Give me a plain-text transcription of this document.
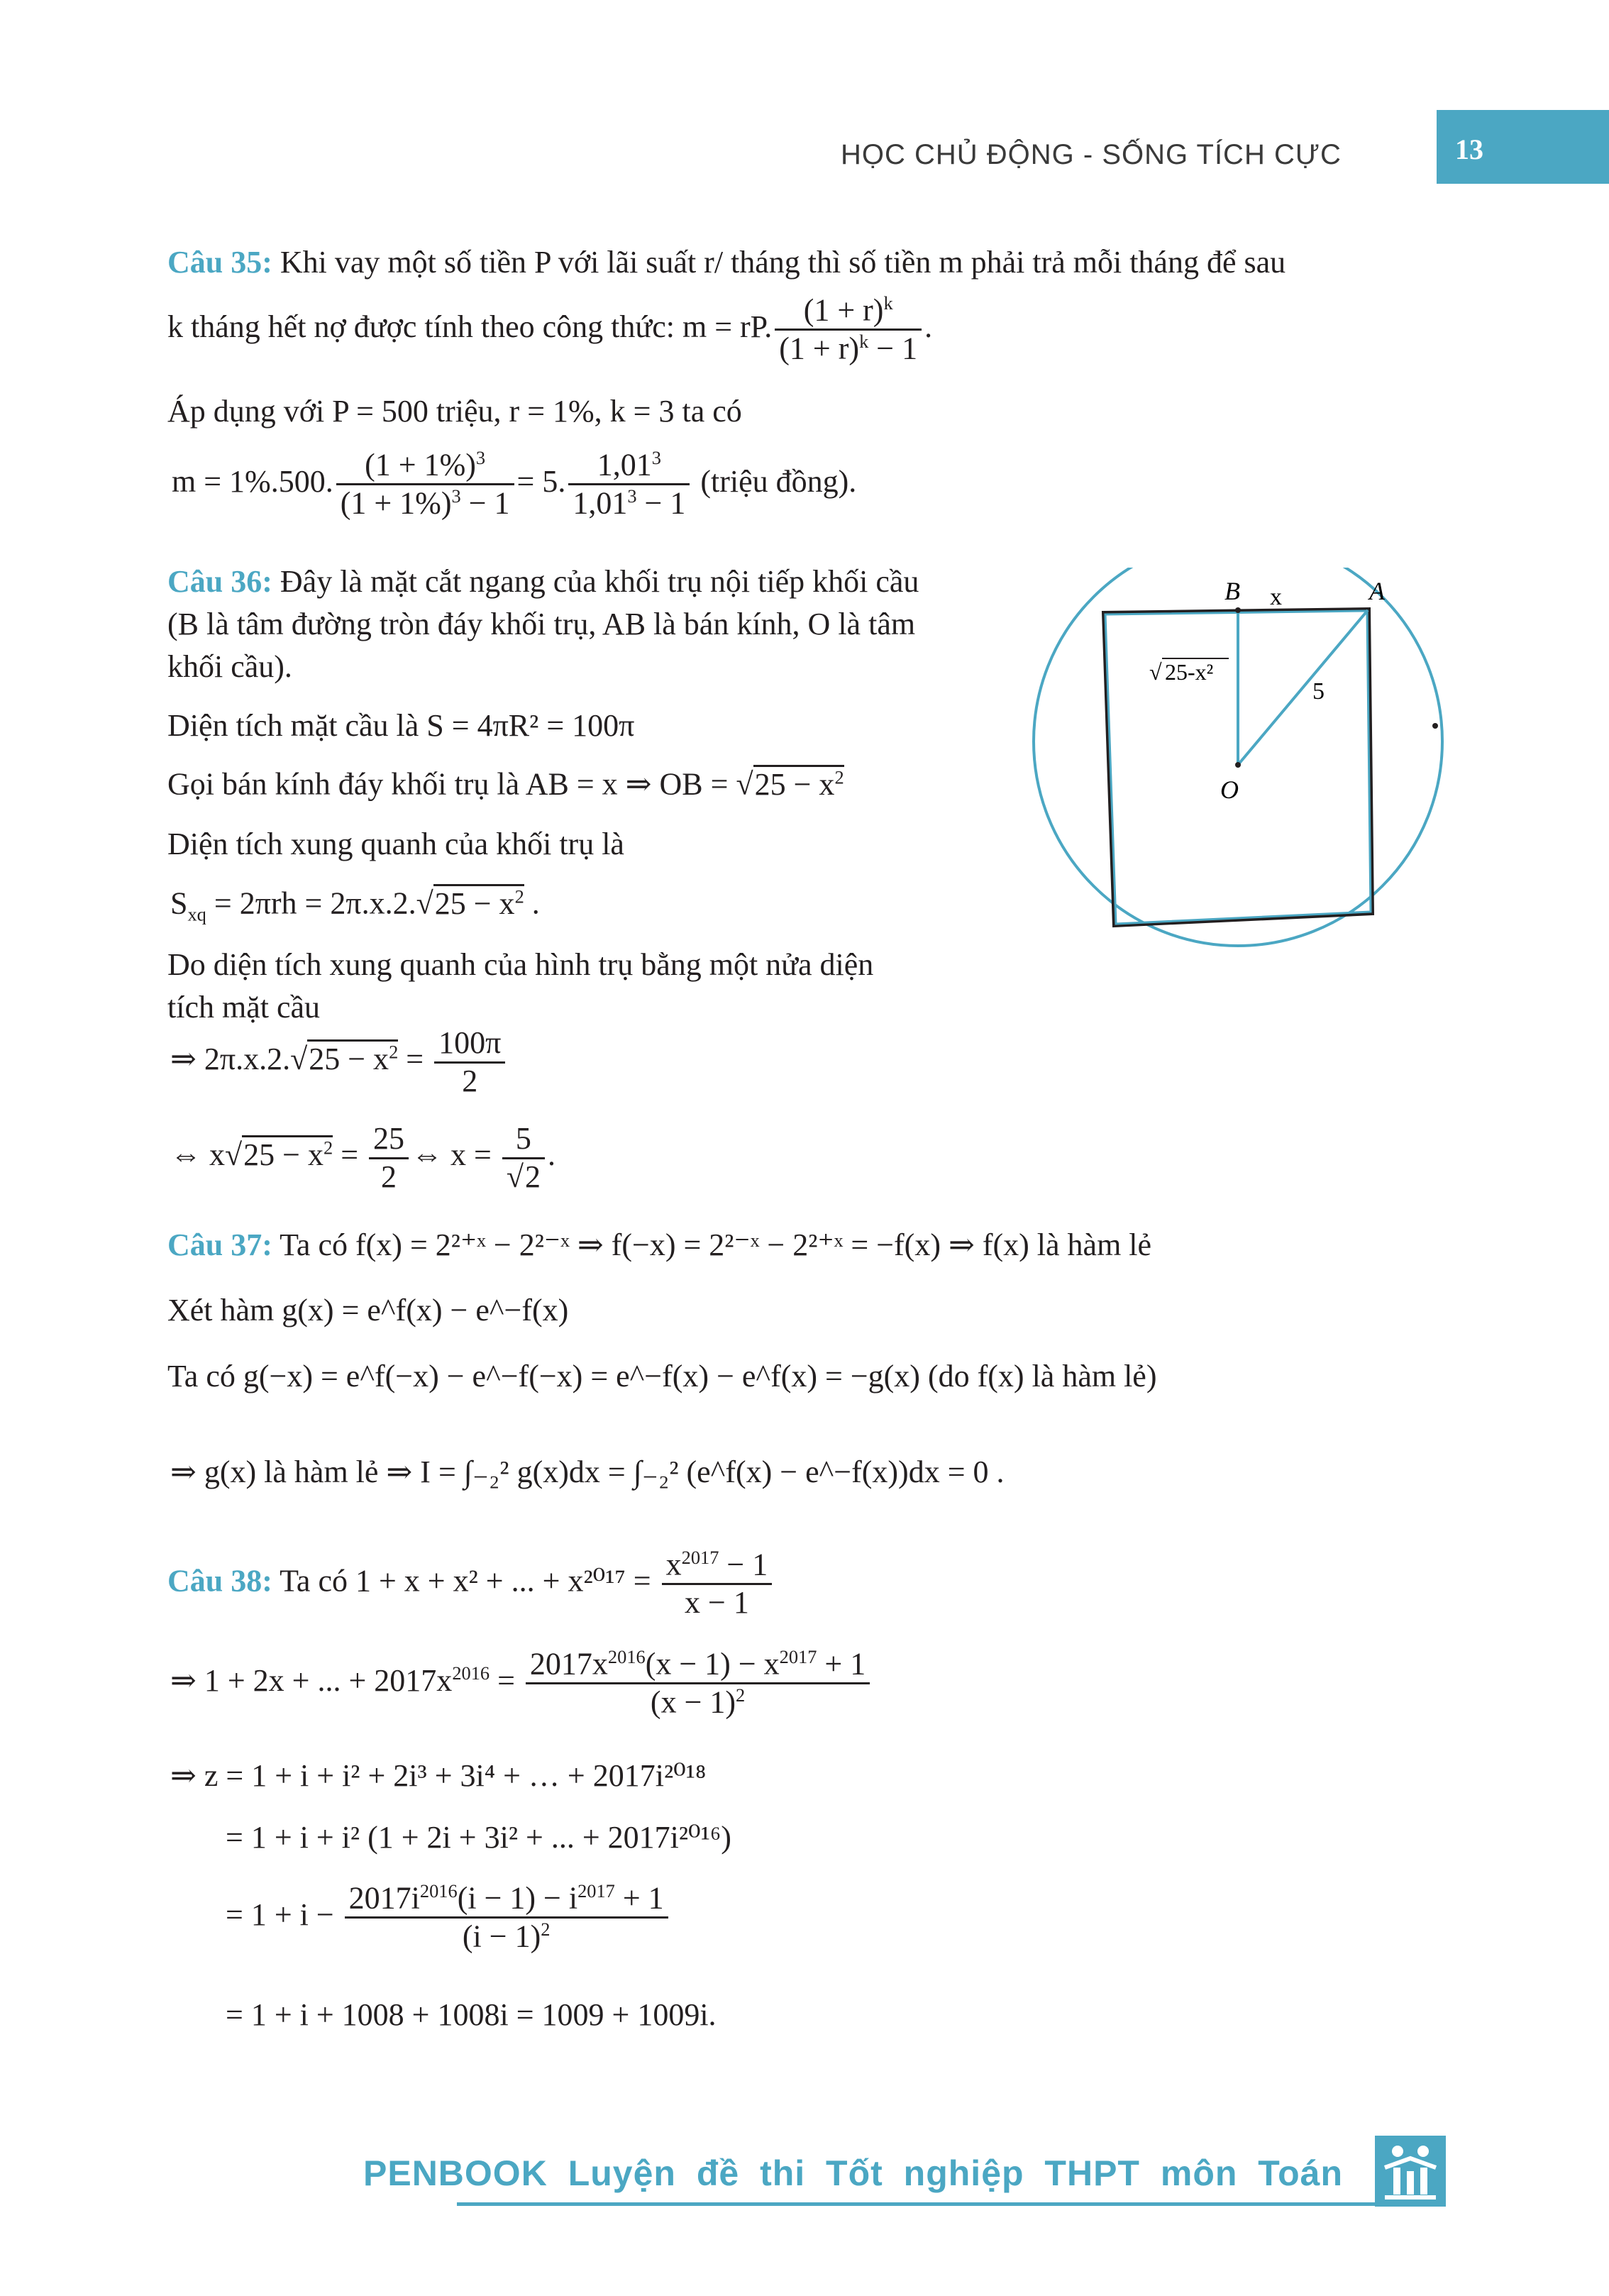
HỌC CHỦ ĐỘNG - SỐNG TÍCH CỰC	13
Câu 35: Khi vay một số tiền P với lãi suất r/ tháng thì số tiền m phải trả mỗi tháng để sau
k tháng hết nợ được tính theo công thức: m = rP. $\frac{(1 + r)^k}{(1 + r)^k - 1}$ .
Áp dụng với P = 500 triệu, r = 1%, k = 3 ta có
m = 1%.500. $\frac{(1 + 1\%)^3}{(1 + 1\%)^3 - 1} = 5$. $\frac{1,01^3}{1,01^3 - 1}$ (triệu đồng).
Câu 36: Đây là mặt cắt ngang của khối trụ nội tiếp khối cầu
(B là tâm đường tròn đáy khối trụ, AB là bán kính, O là tâm
khối cầu).
Diện tích mặt cầu là S = 4πR² = 100π
Gọi bán kính đáy khối trụ là AB = x ⇒ OB = $√25 - x^2$
Diện tích xung quanh của khối trụ là
$S_{xq} = 2\pi rh = 2\pi.x.2.√25 - x^2$ .
Do diện tích xung quanh của hình trụ bằng một nửa diện
tích mặt cầu
⇒ $2\pi.x.2.√25 - x^2 = \frac{100\pi}{2}$
⇔ $x√25 - x^2 = \frac{25}{2}$ ⇔ $x = \frac{5}{√2}$ .
B	A
x
5
O
√ 25-x²
Câu 37: Ta có f(x) = 2²⁺ˣ − 2²⁻ˣ ⇒ f(−x) = 2²⁻ˣ − 2²⁺ˣ = −f(x) ⇒ f(x) là hàm lẻ
Xét hàm g(x) = e^f(x) − e^−f(x)
Ta có g(−x) = e^f(−x) − e^−f(−x) = e^−f(x) − e^f(x) = −g(x) (do f(x) là hàm lẻ)
⇒ g(x) là hàm lẻ ⇒ I = ∫₋₂² g(x)dx = ∫₋₂² (e^f(x) − e^−f(x))dx = 0 .
Câu 38: Ta có 1 + x + x² + ... + $x^{2017} = \frac{x^{2017} - 1}{x - 1}$
⇒ 1 + 2x + ... + $2017x^{2016} = \frac{2017x^{2016}(x - 1) - x^{2017} + 1}{(x - 1)^2}$
⇒ z = 1 + i + i² + 2i³ + 3i⁴ + … + 2017i²⁰¹⁸
= 1 + i + i² (1 + 2i + 3i² + ... + 2017i²⁰¹⁶)
= $1 + i - \frac{2017i^{2016}(i - 1) - i^{2017} + 1}{(i - 1)^2}$
= 1 + i + 1008 + 1008i = 1009 + 1009i.
PENBOOK Luyện đề thi Tốt nghiệp THPT môn Toán
